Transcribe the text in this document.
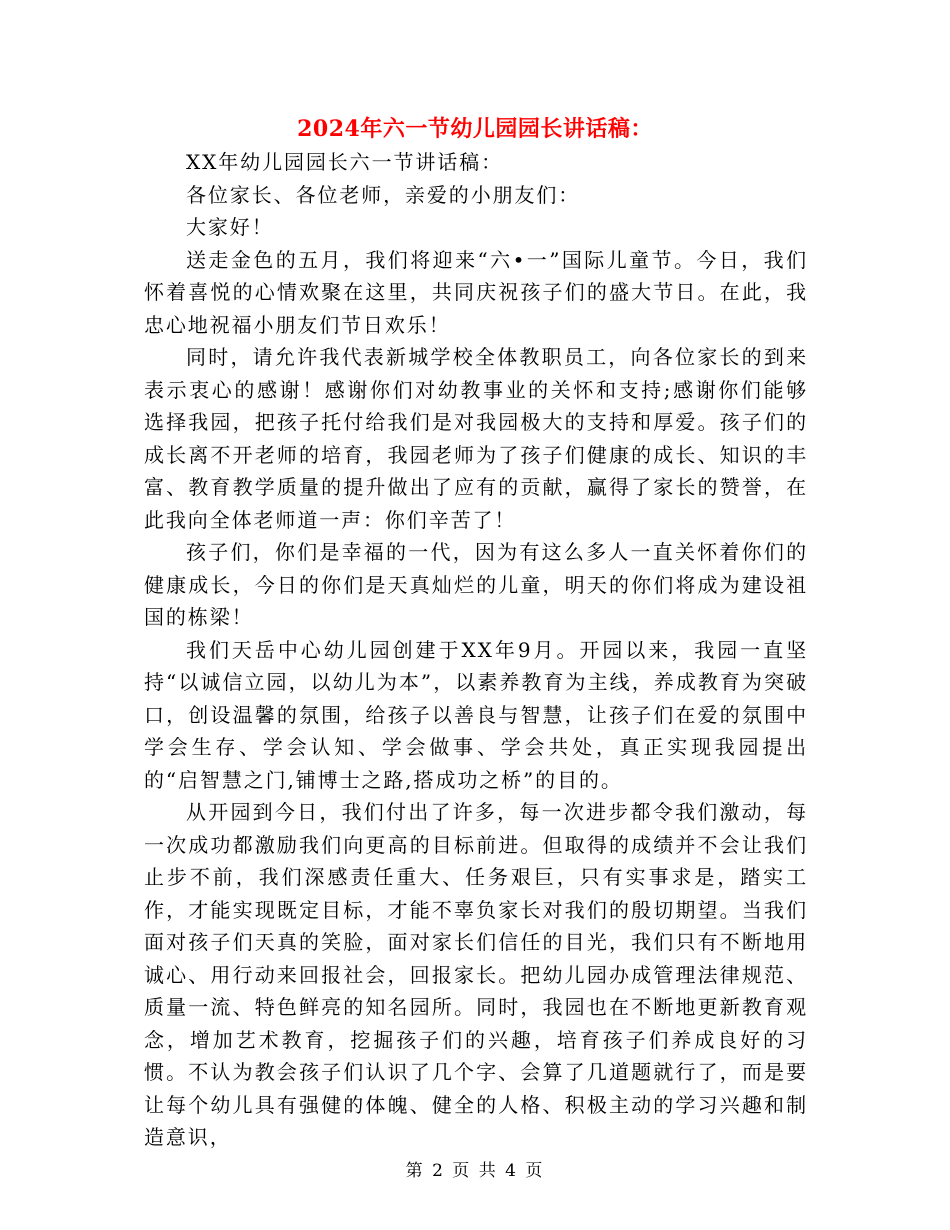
2024年六一节幼儿园园长讲话稿：

XX年幼儿园园长六一节讲话稿：

各位家长、各位老师，亲爱的小朋友们：

大家好！

送走金色的五月，我们将迎来“六•一”国际儿童节。今日，我们怀着喜悦的心情欢聚在这里，共同庆祝孩子们的盛大节日。在此，我忠心地祝福小朋友们节日欢乐！

同时，请允许我代表新城学校全体教职员工，向各位家长的到来表示衷心的感谢！感谢你们对幼教事业的关怀和支持;感谢你们能够选择我园，把孩子托付给我们是对我园极大的支持和厚爱。孩子们的成长离不开老师的培育，我园老师为了孩子们健康的成长、知识的丰富、教育教学质量的提升做出了应有的贡献，赢得了家长的赞誉，在此我向全体老师道一声：你们辛苦了！

孩子们，你们是幸福的一代，因为有这么多人一直关怀着你们的健康成长，今日的你们是天真灿烂的儿童，明天的你们将成为建设祖国的栋梁！

我们天岳中心幼儿园创建于XX年9月。开园以来，我园一直坚持“以诚信立园，以幼儿为本”，以素养教育为主线，养成教育为突破口，创设温馨的氛围，给孩子以善良与智慧，让孩子们在爱的氛围中学会生存、学会认知、学会做事、学会共处，真正实现我园提出的“启智慧之门,铺博士之路,搭成功之桥”的目的。

从开园到今日，我们付出了许多，每一次进步都令我们激动，每一次成功都激励我们向更高的目标前进。但取得的成绩并不会让我们止步不前，我们深感责任重大、任务艰巨，只有实事求是，踏实工作，才能实现既定目标，才能不辜负家长对我们的殷切期望。当我们面对孩子们天真的笑脸，面对家长们信任的目光，我们只有不断地用诚心、用行动来回报社会，回报家长。把幼儿园办成管理法律规范、质量一流、特色鲜亮的知名园所。同时，我园也在不断地更新教育观念，增加艺术教育，挖掘孩子们的兴趣，培育孩子们养成良好的习惯。不认为教会孩子们认识了几个字、会算了几道题就行了，而是要让每个幼儿具有强健的体魄、健全的人格、积极主动的学习兴趣和制造意识，

第 2 页 共 4 页
